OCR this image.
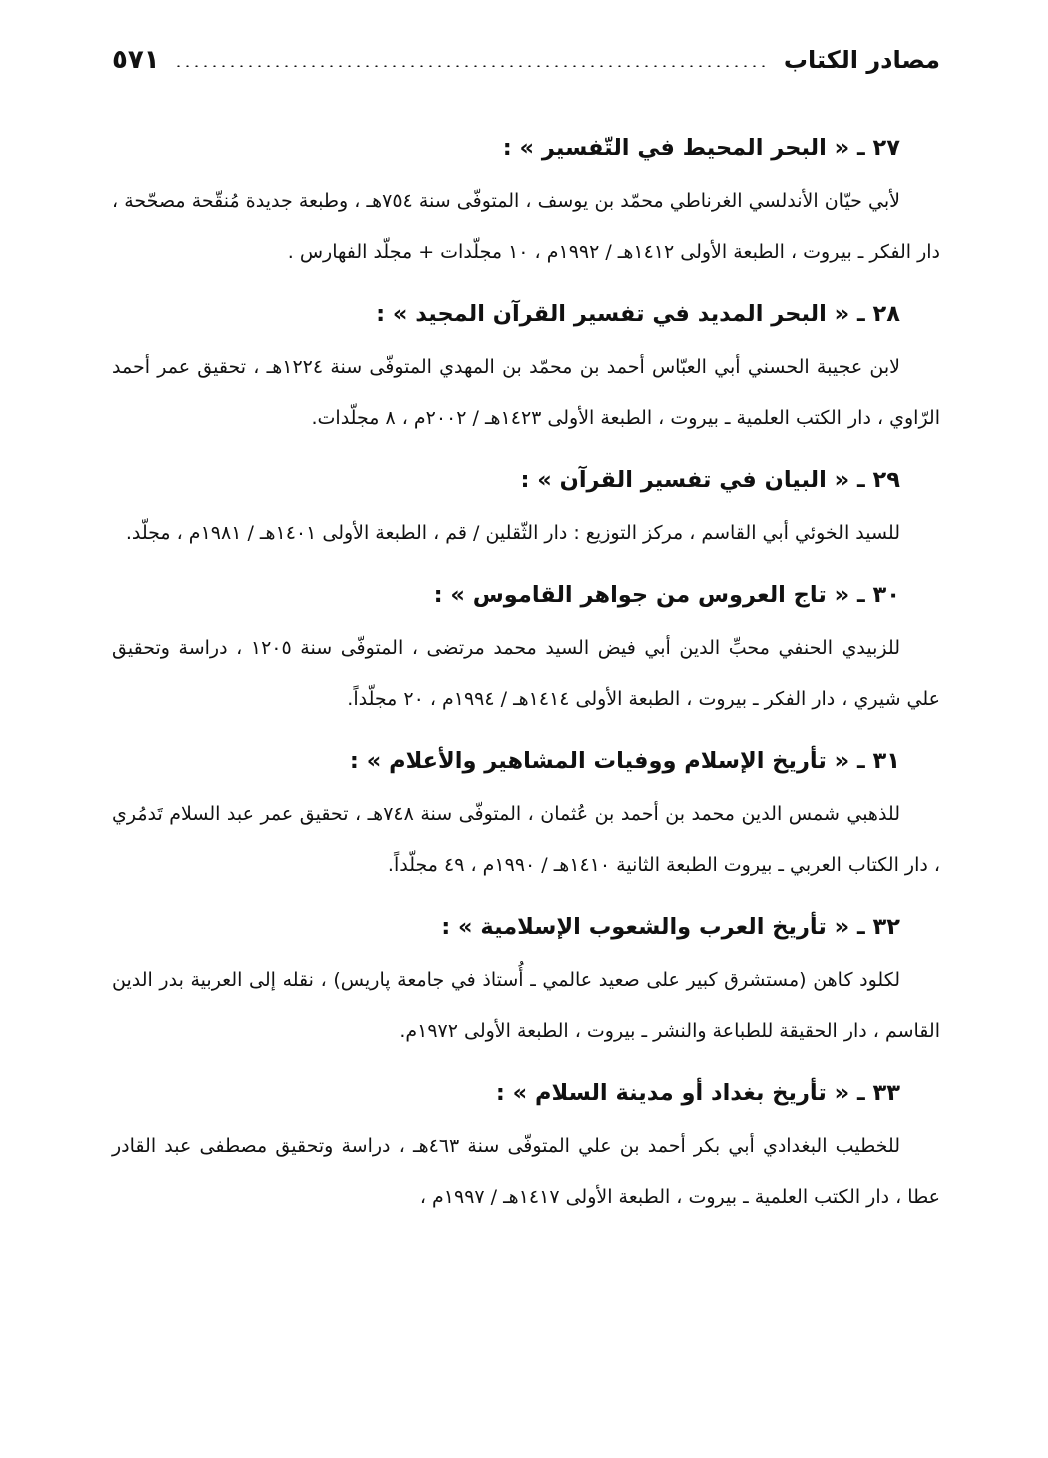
مصادر الكتاب
٥٧١
٢٧ ـ « البحر المحيط في التّفسير » :
لأبي حيّان الأندلسي الغرناطي محمّد بن يوسف ، المتوفّى سنة ٧٥٤هـ ، وطبعة جديدة مُنقّحة مصحّحة ، دار الفكر ـ بيروت ، الطبعة الأولى ١٤١٢هـ / ١٩٩٢م ، ١٠ مجلّدات + مجلّد الفهارس .
٢٨ ـ « البحر المديد في تفسير القرآن المجيد » :
لابن عجيبة الحسني أبي العبّاس أحمد بن محمّد بن المهدي المتوفّى سنة ١٢٢٤هـ ، تحقيق عمر أحمد الرّاوي ، دار الكتب العلمية ـ بيروت ، الطبعة الأولى ١٤٢٣هـ / ٢٠٠٢م ، ٨ مجلّدات.
٢٩ ـ « البيان في تفسير القرآن » :
للسيد الخوئي أبي القاسم ، مركز التوزيع : دار الثّقلين / قم ، الطبعة الأولى ١٤٠١هـ / ١٩٨١م ، مجلّد.
٣٠ ـ « تاج العروس من جواهر القاموس » :
للزبيدي الحنفي محبِّ الدين أبي فيض السيد محمد مرتضى ، المتوفّى سنة ١٢٠٥ ، دراسة وتحقيق علي شيري ، دار الفكر ـ بيروت ، الطبعة الأولى ١٤١٤هـ / ١٩٩٤م ، ٢٠ مجلّداً.
٣١ ـ « تأريخ الإسلام ووفيات المشاهير والأعلام » :
للذهبي شمس الدين محمد بن أحمد بن عُثمان ، المتوفّى سنة ٧٤٨هـ ، تحقيق عمر عبد السلام تَدمُري ، دار الكتاب العربي ـ بيروت الطبعة الثانية ١٤١٠هـ / ١٩٩٠م ، ٤٩ مجلّداً.
٣٢ ـ « تأريخ العرب والشعوب الإسلامية » :
لكلود كاهن (مستشرق كبير على صعيد عالمي ـ أُستاذ في جامعة پاريس) ، نقله إلى العربية بدر الدين القاسم ، دار الحقيقة للطباعة والنشر ـ بيروت ، الطبعة الأولى ١٩٧٢م.
٣٣ ـ « تأريخ بغداد أو مدينة السلام » :
للخطيب البغدادي أبي بكر أحمد بن علي المتوفّى سنة ٤٦٣هـ ، دراسة وتحقيق مصطفى عبد القادر عطا ، دار الكتب العلمية ـ بيروت ، الطبعة الأولى ١٤١٧هـ / ١٩٩٧م ،
